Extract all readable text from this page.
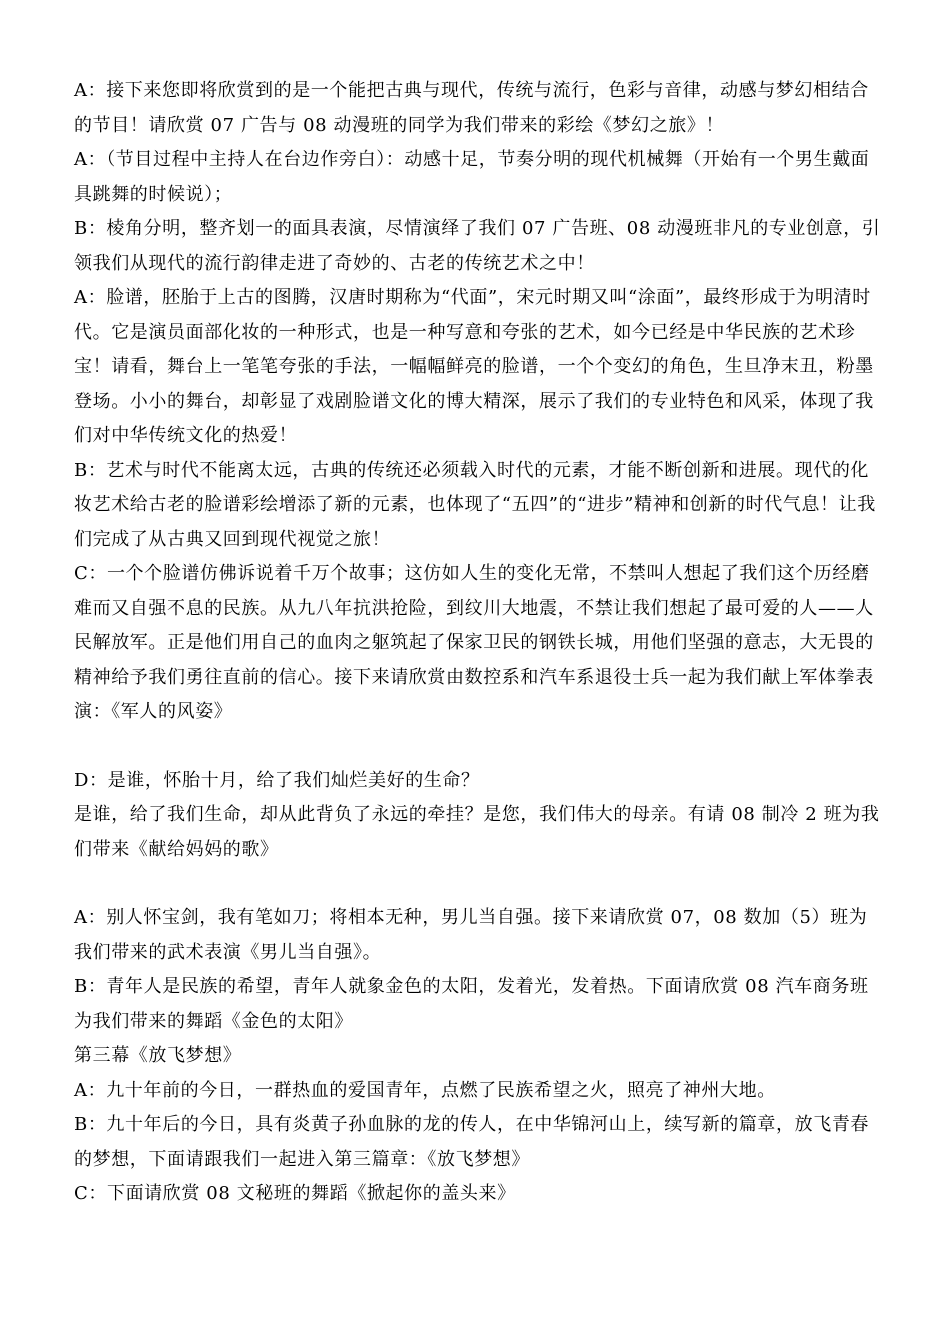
A：接下来您即将欣赏到的是一个能把古典与现代，传统与流行，色彩与音律，动感与梦幻相结合的节目！请欣赏 07 广告与 08 动漫班的同学为我们带来的彩绘《梦幻之旅》！

A：（节目过程中主持人在台边作旁白）：动感十足，节奏分明的现代机械舞（开始有一个男生戴面具跳舞的时候说）；

B：棱角分明，整齐划一的面具表演，尽情演绎了我们 07 广告班、08 动漫班非凡的专业创意，引领我们从现代的流行韵律走进了奇妙的、古老的传统艺术之中！

A：脸谱，胚胎于上古的图腾，汉唐时期称为“代面”，宋元时期又叫“涂面”，最终形成于为明清时代。它是演员面部化妆的一种形式，也是一种写意和夸张的艺术，如今已经是中华民族的艺术珍宝！请看，舞台上一笔笔夸张的手法，一幅幅鲜亮的脸谱，一个个变幻的角色，生旦净末丑，粉墨登场。小小的舞台，却彰显了戏剧脸谱文化的博大精深，展示了我们的专业特色和风采，体现了我们对中华传统文化的热爱！

B：艺术与时代不能离太远，古典的传统还必须载入时代的元素，才能不断创新和进展。现代的化妆艺术给古老的脸谱彩绘增添了新的元素，也体现了“五四”的“进步”精神和创新的时代气息！让我们完成了从古典又回到现代视觉之旅！

C：一个个脸谱仿佛诉说着千万个故事；这仿如人生的变化无常，不禁叫人想起了我们这个历经磨难而又自强不息的民族。从九八年抗洪抢险，到纹川大地震，不禁让我们想起了最可爱的人——人民解放军。正是他们用自己的血肉之躯筑起了保家卫民的钢铁长城，用他们坚强的意志，大无畏的精神给予我们勇往直前的信心。接下来请欣赏由数控系和汽车系退役士兵一起为我们献上军体拳表演：《军人的风姿》

D：是谁，怀胎十月，给了我们灿烂美好的生命？

是谁，给了我们生命，却从此背负了永远的牵挂？是您，我们伟大的母亲。有请 08 制冷 2 班为我们带来《献给妈妈的歌》

A：别人怀宝剑，我有笔如刀；将相本无种，男儿当自强。接下来请欣赏 07，08 数加（5）班为我们带来的武术表演《男儿当自强》。

B：青年人是民族的希望，青年人就象金色的太阳，发着光，发着热。下面请欣赏 08 汽车商务班为我们带来的舞蹈《金色的太阳》

第三幕《放飞梦想》

A：九十年前的今日，一群热血的爱国青年，点燃了民族希望之火，照亮了神州大地。

B：九十年后的今日，具有炎黄子孙血脉的龙的传人，在中华锦河山上，续写新的篇章，放飞青春的梦想，下面请跟我们一起进入第三篇章：《放飞梦想》

C：下面请欣赏 08 文秘班的舞蹈《掀起你的盖头来》
